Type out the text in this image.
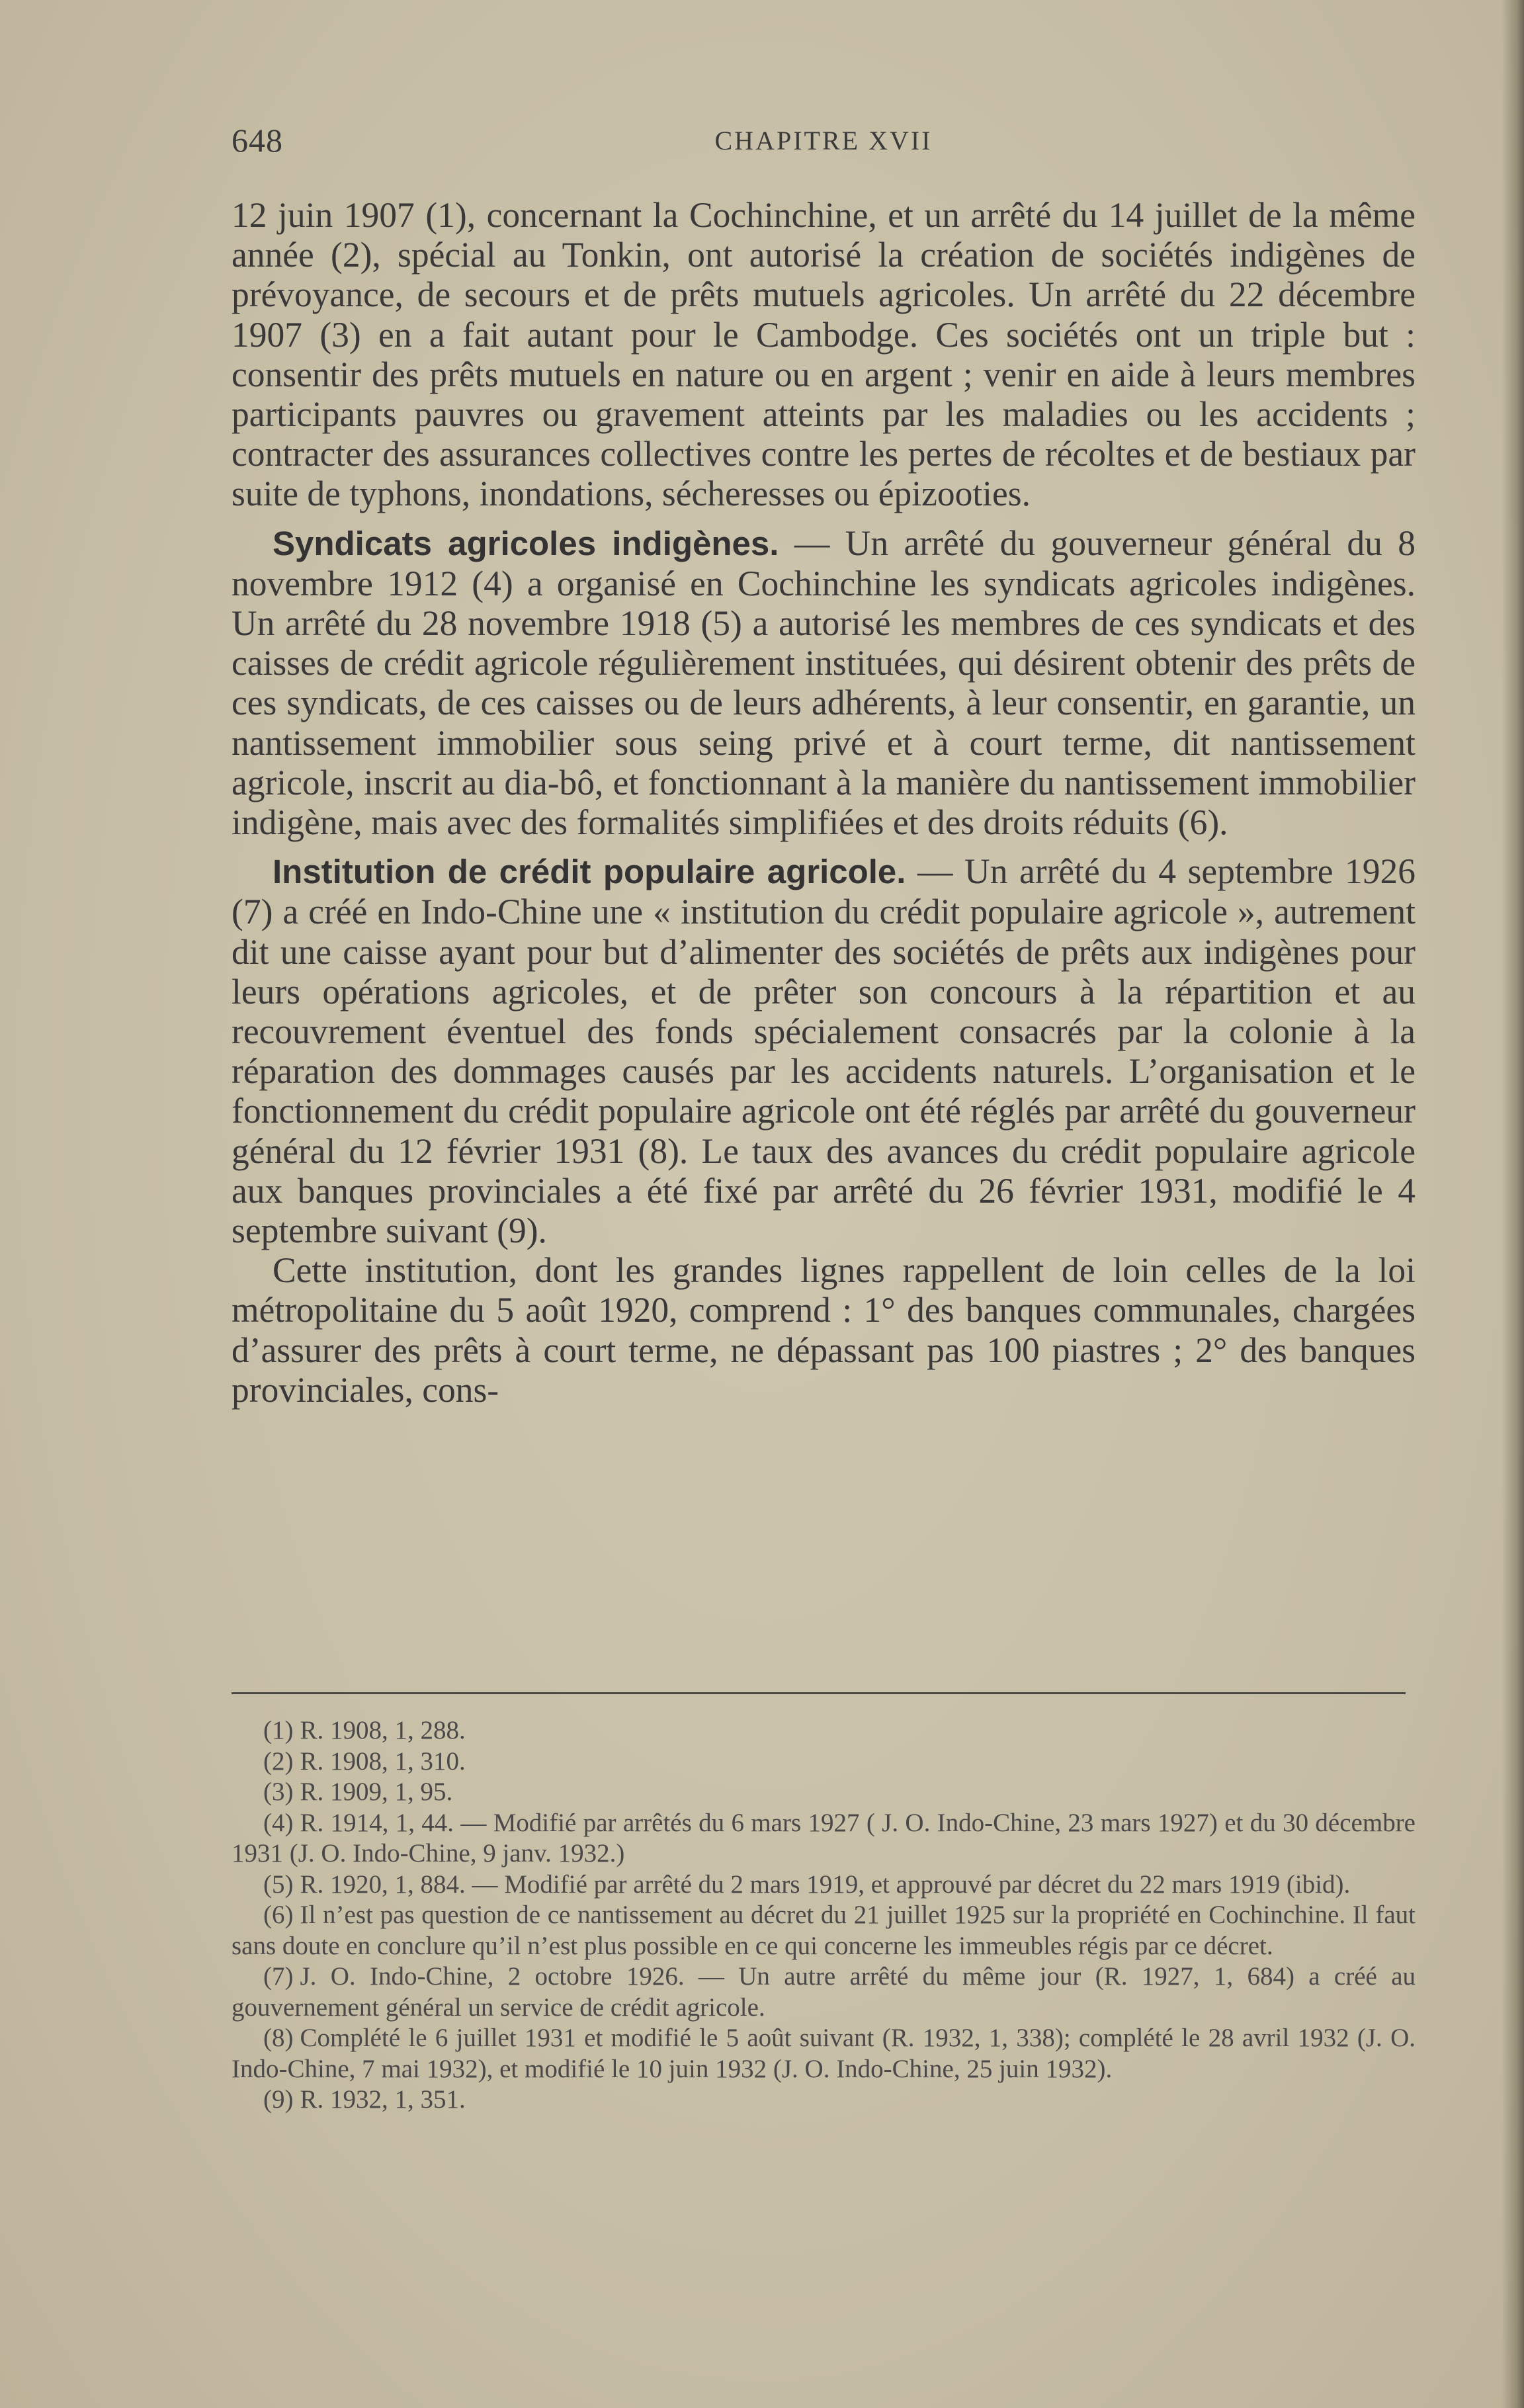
648	CHAPITRE XVII

12 juin 1907 (1), concernant la Cochinchine, et un arrêté du 14 juillet de la même année (2), spécial au Tonkin, ont autorisé la création de sociétés indigènes de prévoyance, de secours et de prêts mutuels agricoles. Un arrêté du 22 décembre 1907 (3) en a fait autant pour le Cambodge. Ces sociétés ont un triple but : consentir des prêts mutuels en nature ou en argent ; venir en aide à leurs membres participants pauvres ou gravement atteints par les maladies ou les accidents ; contracter des assurances collectives contre les pertes de récoltes et de bestiaux par suite de typhons, inondations, sécheresses ou épizooties.

Syndicats agricoles indigènes. — Un arrêté du gouverneur général du 8 novembre 1912 (4) a organisé en Cochinchine les syndicats agricoles indigènes. Un arrêté du 28 novembre 1918 (5) a autorisé les membres de ces syndicats et des caisses de crédit agricole régulièrement instituées, qui désirent obtenir des prêts de ces syndicats, de ces caisses ou de leurs adhérents, à leur consentir, en garantie, un nantissement immobilier sous seing privé et à court terme, dit nantissement agricole, inscrit au dia-bô, et fonctionnant à la manière du nantissement immobilier indigène, mais avec des formalités simplifiées et des droits réduits (6).

Institution de crédit populaire agricole. — Un arrêté du 4 septembre 1926 (7) a créé en Indo-Chine une « institution du crédit populaire agricole », autrement dit une caisse ayant pour but d’alimenter des sociétés de prêts aux indigènes pour leurs opérations agricoles, et de prêter son concours à la répartition et au recouvrement éventuel des fonds spécialement consacrés par la colonie à la réparation des dommages causés par les accidents naturels. L’organisation et le fonctionnement du crédit populaire agricole ont été réglés par arrêté du gouverneur général du 12 février 1931 (8). Le taux des avances du crédit populaire agricole aux banques provinciales a été fixé par arrêté du 26 février 1931, modifié le 4 septembre suivant (9).

Cette institution, dont les grandes lignes rappellent de loin celles de la loi métropolitaine du 5 août 1920, comprend : 1° des banques communales, chargées d’assurer des prêts à court terme, ne dépassant pas 100 piastres ; 2° des banques provinciales, cons-

(1) R. 1908, 1, 288.

(2) R. 1908, 1, 310.

(3) R. 1909, 1, 95.

(4) R. 1914, 1, 44. — Modifié par arrêtés du 6 mars 1927 ( J. O. Indo-Chine, 23 mars 1927) et du 30 décembre 1931 (J. O. Indo-Chine, 9 janv. 1932.)

(5) R. 1920, 1, 884. — Modifié par arrêté du 2 mars 1919, et approuvé par décret du 22 mars 1919 (ibid).

(6) Il n’est pas question de ce nantissement au décret du 21 juillet 1925 sur la propriété en Cochinchine. Il faut sans doute en conclure qu’il n’est plus possible en ce qui concerne les immeubles régis par ce décret.

(7) J. O. Indo-Chine, 2 octobre 1926. — Un autre arrêté du même jour (R. 1927, 1, 684) a créé au gouvernement général un service de crédit agricole.

(8) Complété le 6 juillet 1931 et modifié le 5 août suivant (R. 1932, 1, 338); complété le 28 avril 1932 (J. O. Indo-Chine, 7 mai 1932), et modifié le 10 juin 1932 (J. O. Indo-Chine, 25 juin 1932).

(9) R. 1932, 1, 351.
